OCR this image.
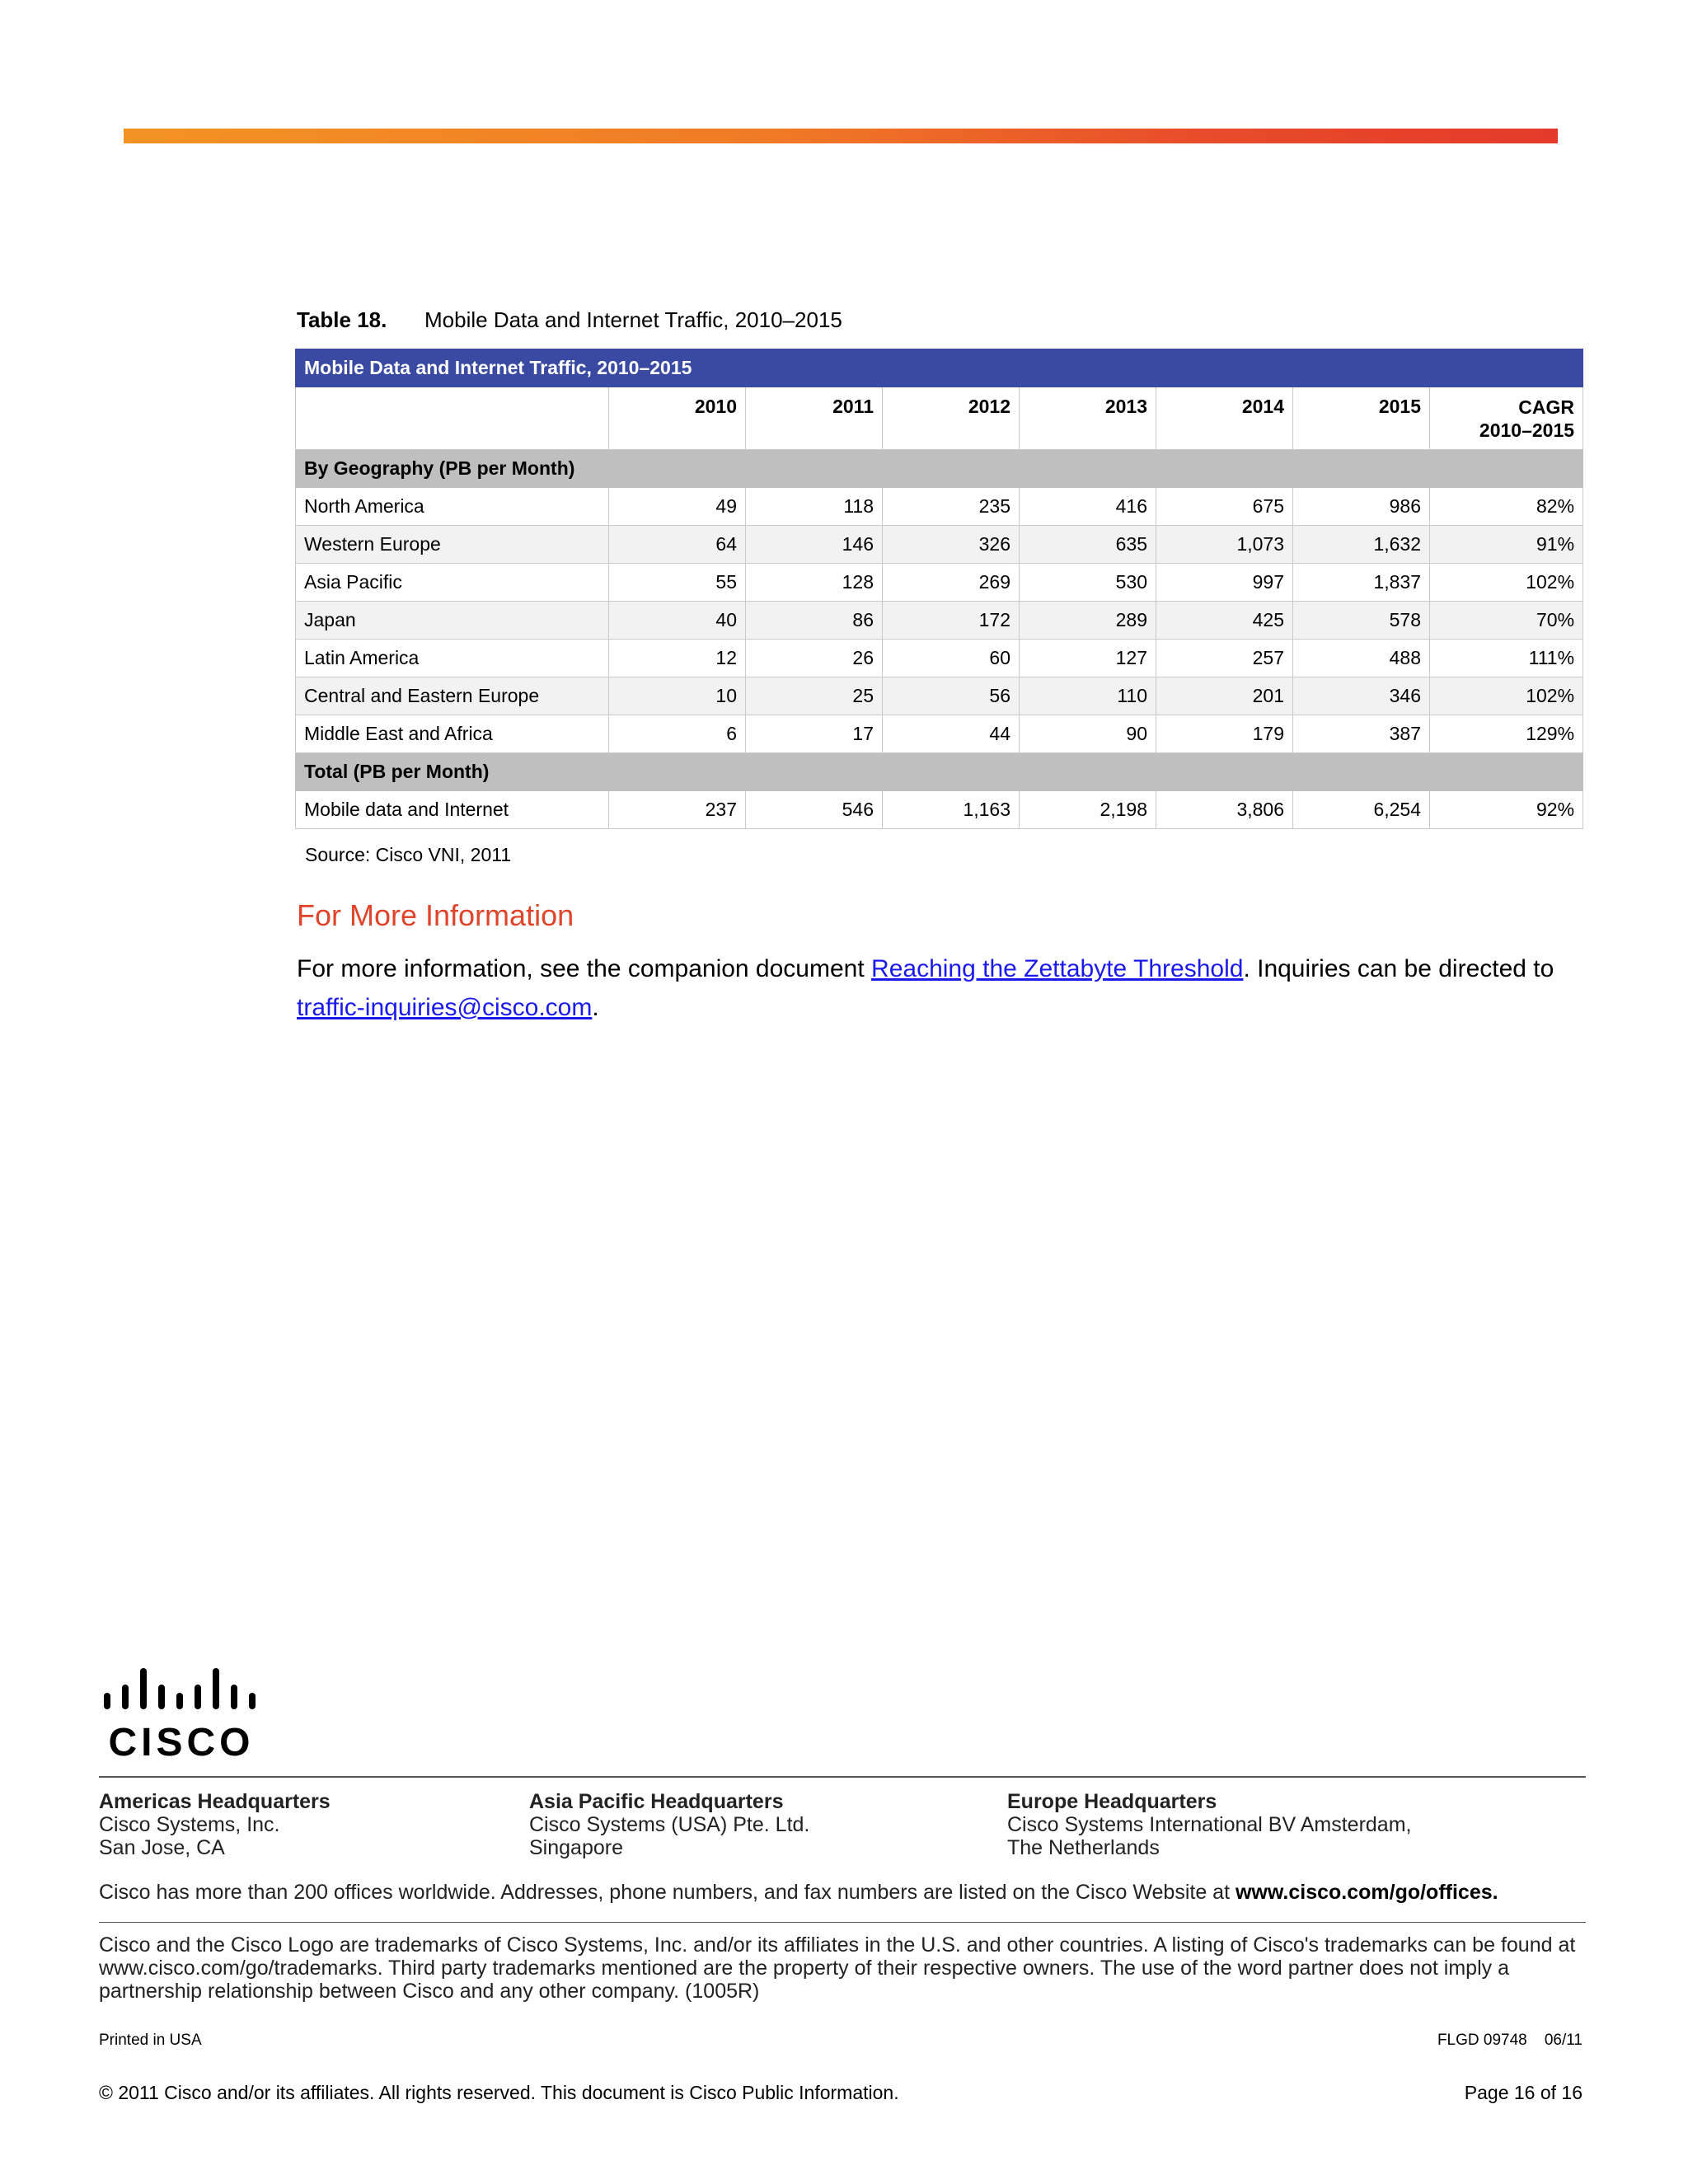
Table 18. Mobile Data and Internet Traffic, 2010–2015
Mobile Data and Internet Traffic, 2010–2015							
	2010	2011	2012	2013	2014	2015	CAGR
2010–2015
By Geography (PB per Month)							
North America	49	118	235	416	675	986	82%
Western Europe	64	146	326	635	1,073	1,632	91%
Asia Pacific	55	128	269	530	997	1,837	102%
Japan	40	86	172	289	425	578	70%
Latin America	12	26	60	127	257	488	111%
Central and Eastern Europe	10	25	56	110	201	346	102%
Middle East and Africa	6	17	44	90	179	387	129%
Total (PB per Month)							
Mobile data and Internet	237	546	1,163	2,198	3,806	6,254	92%
Source: Cisco VNI, 2011
For More Information
For more information, see the companion document Reaching the Zettabyte Threshold. Inquiries can be directed to traffic-inquiries@cisco.com.
CISCO
Americas Headquarters
Cisco Systems, Inc.
San Jose, CA
Asia Pacific Headquarters
Cisco Systems (USA) Pte. Ltd.
Singapore
Europe Headquarters
Cisco Systems International BV Amsterdam,
The Netherlands
Cisco has more than 200 offices worldwide. Addresses, phone numbers, and fax numbers are listed on the Cisco Website at www.cisco.com/go/offices.
Cisco and the Cisco Logo are trademarks of Cisco Systems, Inc. and/or its affiliates in the U.S. and other countries. A listing of Cisco's trademarks can be found at www.cisco.com/go/trademarks. Third party trademarks mentioned are the property of their respective owners. The use of the word partner does not imply a partnership relationship between Cisco and any other company. (1005R)
Printed in USA	FLGD 09748 06/11
© 2011 Cisco and/or its affiliates. All rights reserved. This document is Cisco Public Information.	Page 16 of 16
